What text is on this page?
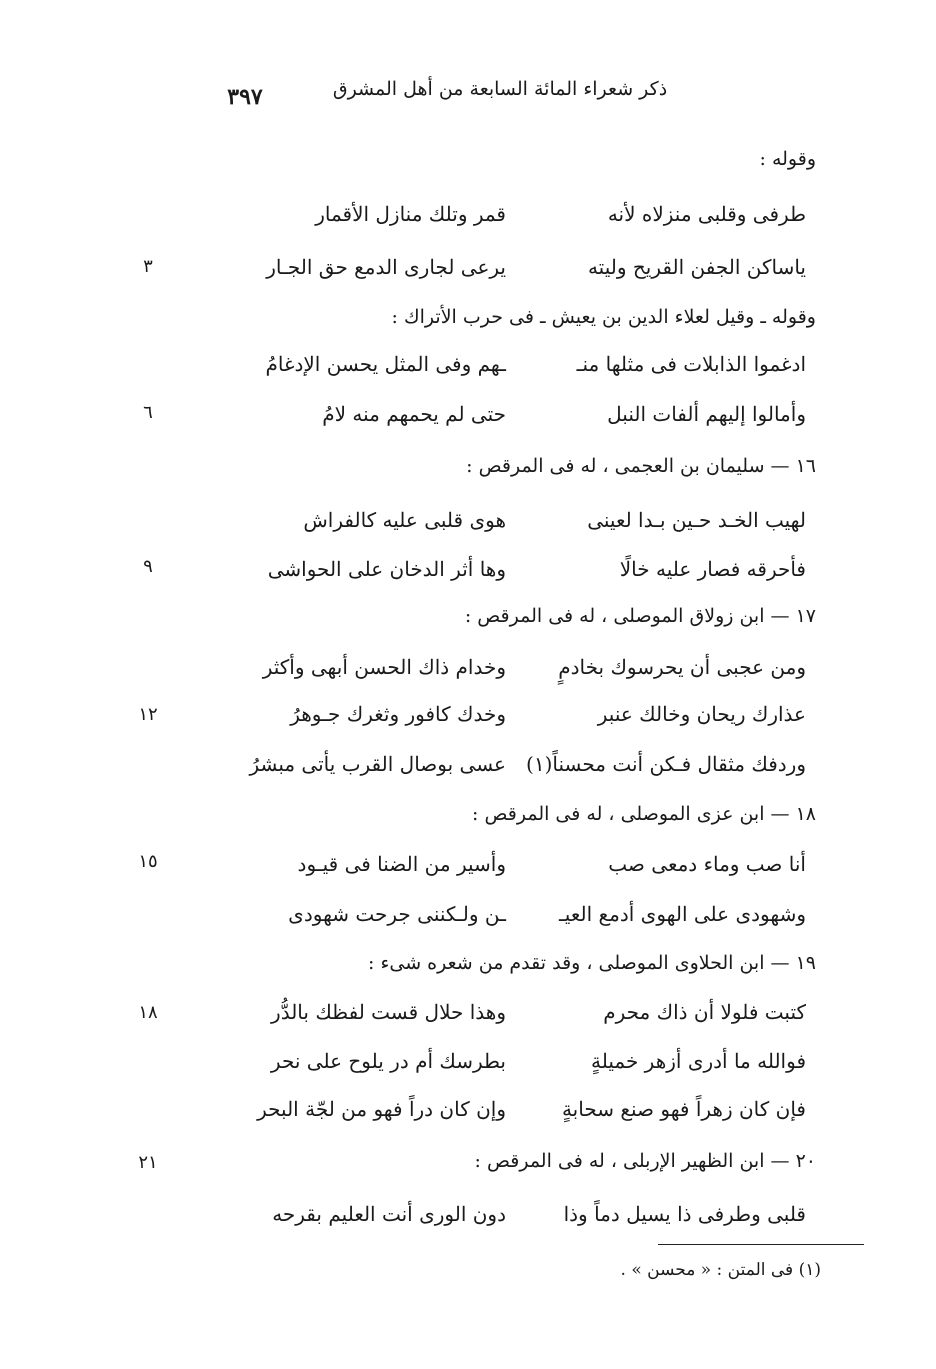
٣٩٧	ذكر شعراء المائة السابعة من أهل المشرق
وقوله :
طرفى وقلبى منزلاه لأنه
قمر وتلك منازل الأقمار
ياساكن الجفن القريح وليته
يرعى لجارى الدمع حق الجـار
وقوله ـ وقيل لعلاء الدين بن يعيش ـ فى حرب الأتراك :
ادغموا الذابلات فى مثلها منـ
ـهم وفى المثل يحسن الإدغامُ
وأمالوا إليهم ألفات النبل
حتى لم يحمهم منه لامُ
١٦ — سليمان بن العجمى ، له فى المرقص :
لهيب الخـد حـين بـدا لعينى
هوى قلبى عليه كالفراش
فأحرقه فصار عليه خالًا
وها أثر الدخان على الحواشى
١٧ — ابن زولاق الموصلى ، له فى المرقص :
ومن عجبى أن يحرسوك بخادمٍ
وخدام ذاك الحسن أبهى وأكثر
عذارك ريحان وخالك عنبر
وخدك كافور وثغرك جـوهرُ
وردفك مثقال فـكن أنت محسناً(١)
عسى بوصال القرب يأتى مبشرُ
١٨ — ابن عزى الموصلى ، له فى المرقص :
أنا صب وماء دمعى صب
وأسير من الضنا فى قيـود
وشهودى على الهوى أدمع العيـ
ـن ولـكننى جرحت شهودى
١٩ — ابن الحلاوى الموصلى ، وقد تقدم من شعره شىء :
كتبت فلولا أن ذاك محرم
وهذا حلال قست لفظك بالدُّر
فوالله ما أدرى أزهر خميلةٍ
بطرسك أم در يلوح على نحر
فإن كان زهراً فهو صنع سحابةٍ
وإن كان دراً فهو من لجّة البحر
٢٠ — ابن الظهير الإربلى ، له فى المرقص :
قلبى وطرفى ذا يسيل دماً وذا
دون الورى أنت العليم بقرحه
٣
٦
٩
١٢
١٥
١٨
٢١
(١) فى المتن : « محسن » .
